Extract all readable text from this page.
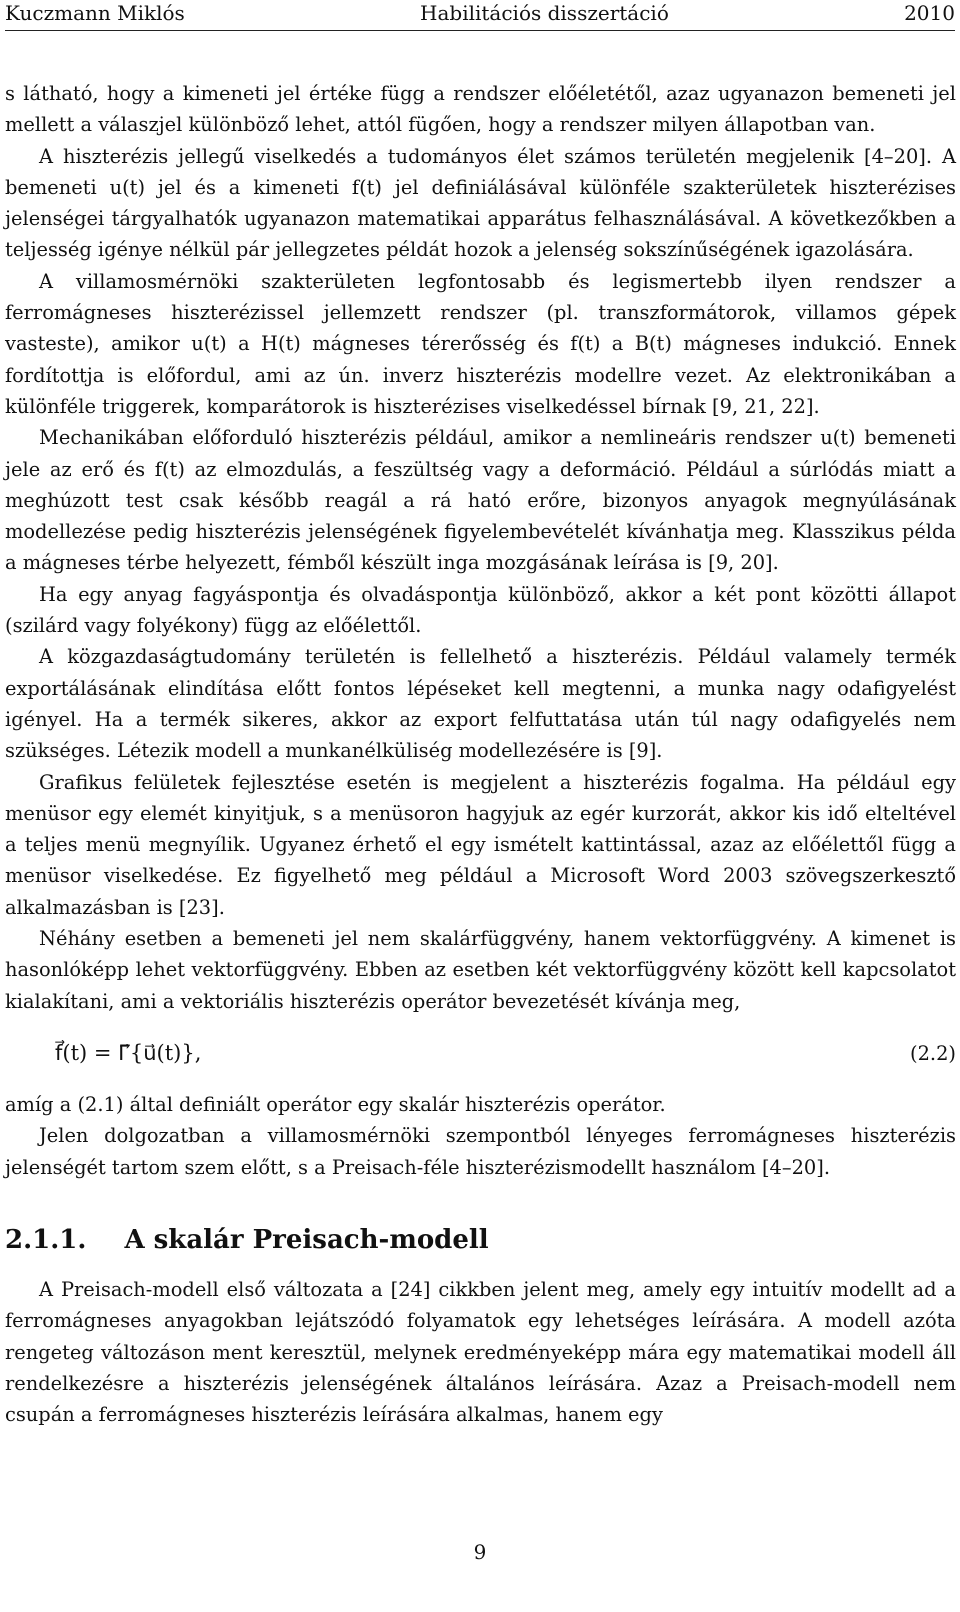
Kuczmann Miklós	Habilitációs disszertáció	2010

s látható, hogy a kimeneti jel értéke függ a rendszer előéletétől, azaz ugyanazon bemeneti jel mellett a válaszjel különböző lehet, attól fügően, hogy a rendszer milyen állapotban van.

A hiszterézis jellegű viselkedés a tudományos élet számos területén megjelenik [4–20]. A bemeneti u(t) jel és a kimeneti f(t) jel definiálásával különféle szakterületek hiszterézises jelenségei tárgyalhatók ugyanazon matematikai apparátus felhasználásával. A következőkben a teljesség igénye nélkül pár jellegzetes példát hozok a jelenség sokszínűségének igazolására.

A villamosmérnöki szakterületen legfontosabb és legismertebb ilyen rendszer a ferromágneses hiszterézissel jellemzett rendszer (pl. transzformátorok, villamos gépek vasteste), amikor u(t) a H(t) mágneses térerősség és f(t) a B(t) mágneses indukció. Ennek fordítottja is előfordul, ami az ún. inverz hiszterézis modellre vezet. Az elektronikában a különféle triggerek, komparátorok is hiszterézises viselkedéssel bírnak [9, 21, 22].

Mechanikában előforduló hiszterézis például, amikor a nemlineáris rendszer u(t) bemeneti jele az erő és f(t) az elmozdulás, a feszültség vagy a deformáció. Például a súrlódás miatt a meghúzott test csak később reagál a rá ható erőre, bizonyos anyagok megnyúlásának modellezése pedig hiszterézis jelenségének figyelembevételét kívánhatja meg. Klasszikus példa a mágneses térbe helyezett, fémből készült inga mozgásának leírása is [9, 20].

Ha egy anyag fagyáspontja és olvadáspontja különböző, akkor a két pont közötti állapot (szilárd vagy folyékony) függ az előélettől.

A közgazdaságtudomány területén is fellelhető a hiszterézis. Például valamely termék exportálásának elindítása előtt fontos lépéseket kell megtenni, a munka nagy odafigyelést igényel. Ha a termék sikeres, akkor az export felfuttatása után túl nagy odafigyelés nem szükséges. Létezik modell a munkanélküliség modellezésére is [9].

Grafikus felületek fejlesztése esetén is megjelent a hiszterézis fogalma. Ha például egy menüsor egy elemét kinyitjuk, s a menüsoron hagyjuk az egér kurzorát, akkor kis idő elteltével a teljes menü megnyílik. Ugyanez érhető el egy ismételt kattintással, azaz az előélettől függ a menüsor viselkedése. Ez figyelhető meg például a Microsoft Word 2003 szövegszerkesztő alkalmazásban is [23].

Néhány esetben a bemeneti jel nem skalárfüggvény, hanem vektorfüggvény. A kimenet is hasonlóképp lehet vektorfüggvény. Ebben az esetben két vektorfüggvény között kell kapcsolatot kialakítani, ami a vektoriális hiszterézis operátor bevezetését kívánja meg,

f⃗(t) = Γ⃗{u⃗(t)},	(2.2)

amíg a (2.1) által definiált operátor egy skalár hiszterézis operátor.

Jelen dolgozatban a villamosmérnöki szempontból lényeges ferromágneses hiszterézis jelenségét tartom szem előtt, s a Preisach-féle hiszterézismodellt használom [4–20].

2.1.1. A skalár Preisach-modell

A Preisach-modell első változata a [24] cikkben jelent meg, amely egy intuitív modellt ad a ferromágneses anyagokban lejátszódó folyamatok egy lehetséges leírására. A modell azóta rengeteg változáson ment keresztül, melynek eredményeképp mára egy matematikai modell áll rendelkezésre a hiszterézis jelenségének általános leírására. Azaz a Preisach-modell nem csupán a ferromágneses hiszterézis leírására alkalmas, hanem egy

9
